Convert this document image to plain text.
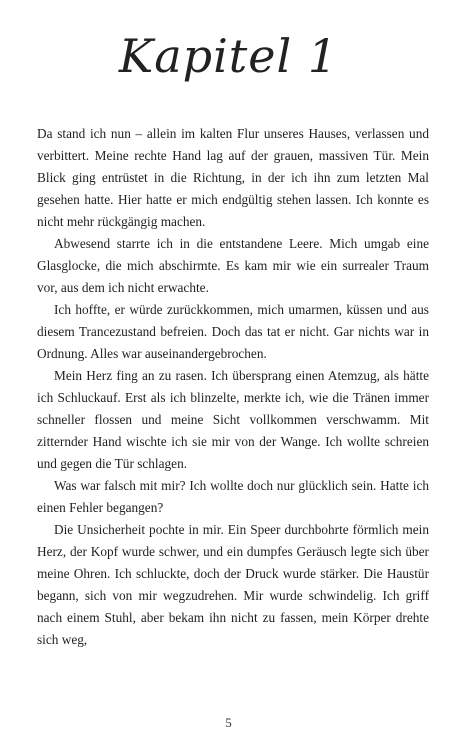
Kapitel 1

Da stand ich nun – allein im kalten Flur unseres Hauses, verlassen und verbittert. Meine rechte Hand lag auf der grauen, massiven Tür. Mein Blick ging entrüstet in die Richtung, in der ich ihn zum letzten Mal gesehen hatte. Hier hatte er mich endgültig stehen lassen. Ich konnte es nicht mehr rückgängig machen.

Abwesend starrte ich in die entstandene Leere. Mich umgab eine Glasglocke, die mich abschirmte. Es kam mir wie ein surrealer Traum vor, aus dem ich nicht erwachte.

Ich hoffte, er würde zurückkommen, mich umarmen, küssen und aus diesem Trancezustand befreien. Doch das tat er nicht. Gar nichts war in Ordnung. Alles war auseinandergebrochen.

Mein Herz fing an zu rasen. Ich übersprang einen Atemzug, als hätte ich Schluckauf. Erst als ich blinzelte, merkte ich, wie die Tränen immer schneller flossen und meine Sicht vollkommen verschwamm. Mit zitternder Hand wischte ich sie mir von der Wange. Ich wollte schreien und gegen die Tür schlagen.

Was war falsch mit mir? Ich wollte doch nur glücklich sein. Hatte ich einen Fehler begangen?

Die Unsicherheit pochte in mir. Ein Speer durchbohrte förmlich mein Herz, der Kopf wurde schwer, und ein dumpfes Geräusch legte sich über meine Ohren. Ich schluckte, doch der Druck wurde stärker. Die Haustür begann, sich von mir wegzudrehen. Mir wurde schwindelig. Ich griff nach einem Stuhl, aber bekam ihn nicht zu fassen, mein Körper drehte sich weg,

5
